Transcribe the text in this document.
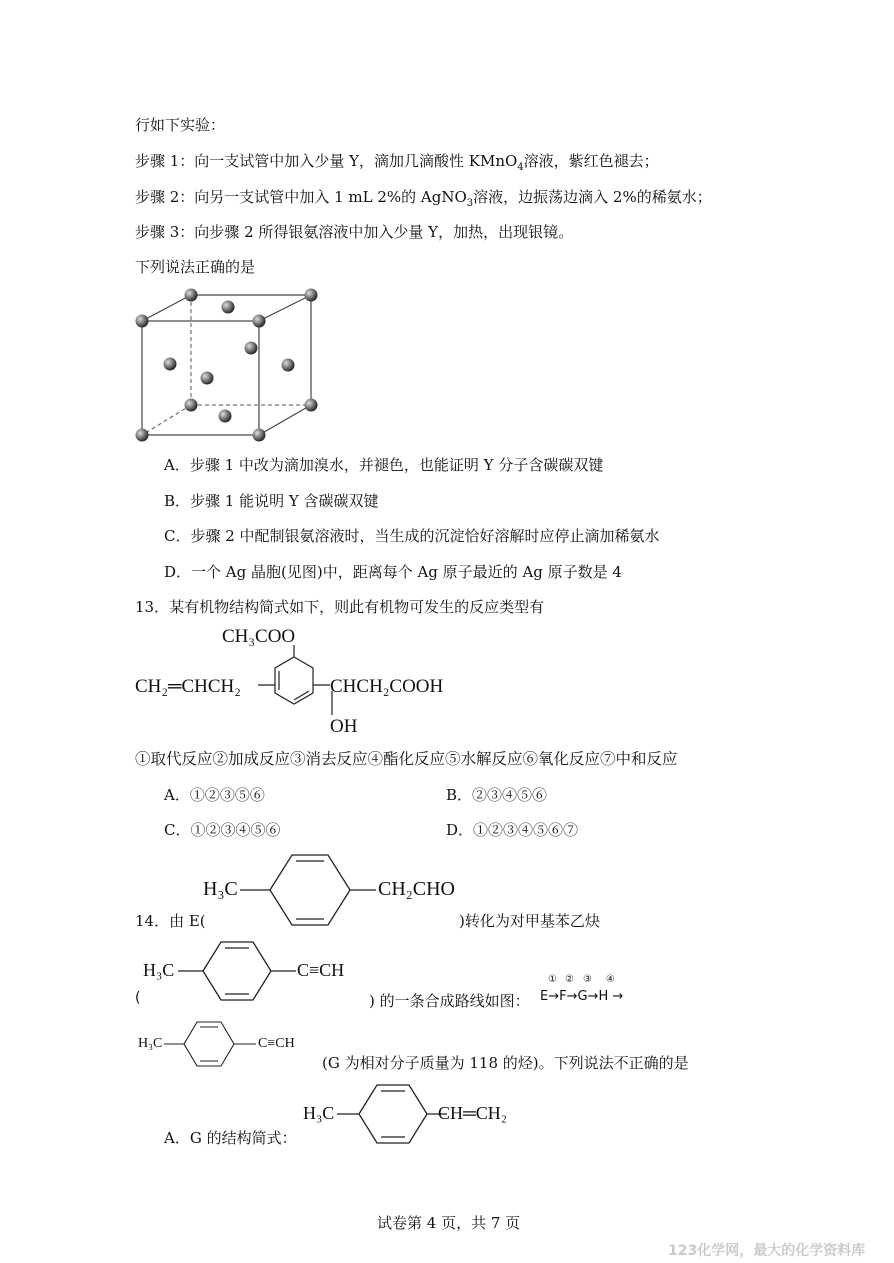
行如下实验：
步骤 1：向一支试管中加入少量 Y，滴加几滴酸性 KMnO$_4$溶液，紫红色褪去；
步骤 2：向另一支试管中加入 1 mL 2%的 AgNO$_3$溶液，边振荡边滴入 2%的稀氨水；
步骤 3：向步骤 2 所得银氨溶液中加入少量 Y，加热，出现银镜。
下列说法正确的是
A．步骤 1 中改为滴加溴水，并褪色，也能证明 Y 分子含碳碳双键
B．步骤 1 能说明 Y 含碳碳双键
C．步骤 2 中配制银氨溶液时，当生成的沉淀恰好溶解时应停止滴加稀氨水
D．一个 Ag 晶胞(见图)中，距离每个 Ag 原子最近的 Ag 原子数是 4
13．某有机物结构简式如下，则此有机物可发生的反应类型有
CH₃COO
CH₂═CHCH₂	CHCH₂COOH
OH
①取代反应②加成反应③消去反应④酯化反应⑤水解反应⑥氧化反应⑦中和反应
A．①②③⑤⑥	B．②③④⑤⑥
C．①②③④⑤⑥	D．①②③④⑤⑥⑦
H₃C	CH₂CHO
14．由 E(	)转化为对甲基苯乙炔
H₃C	C≡CH
(	) 的一条合成路线如图：
① ② ③ ④
E→F→G→H →
H₃C	C≡CH
(G 为相对分子质量为 118 的烃)。下列说法不正确的是
H₃C	CH═CH₂
A．G 的结构简式：
试卷第 4 页，共 7 页
123化学网，最大的化学资料库
